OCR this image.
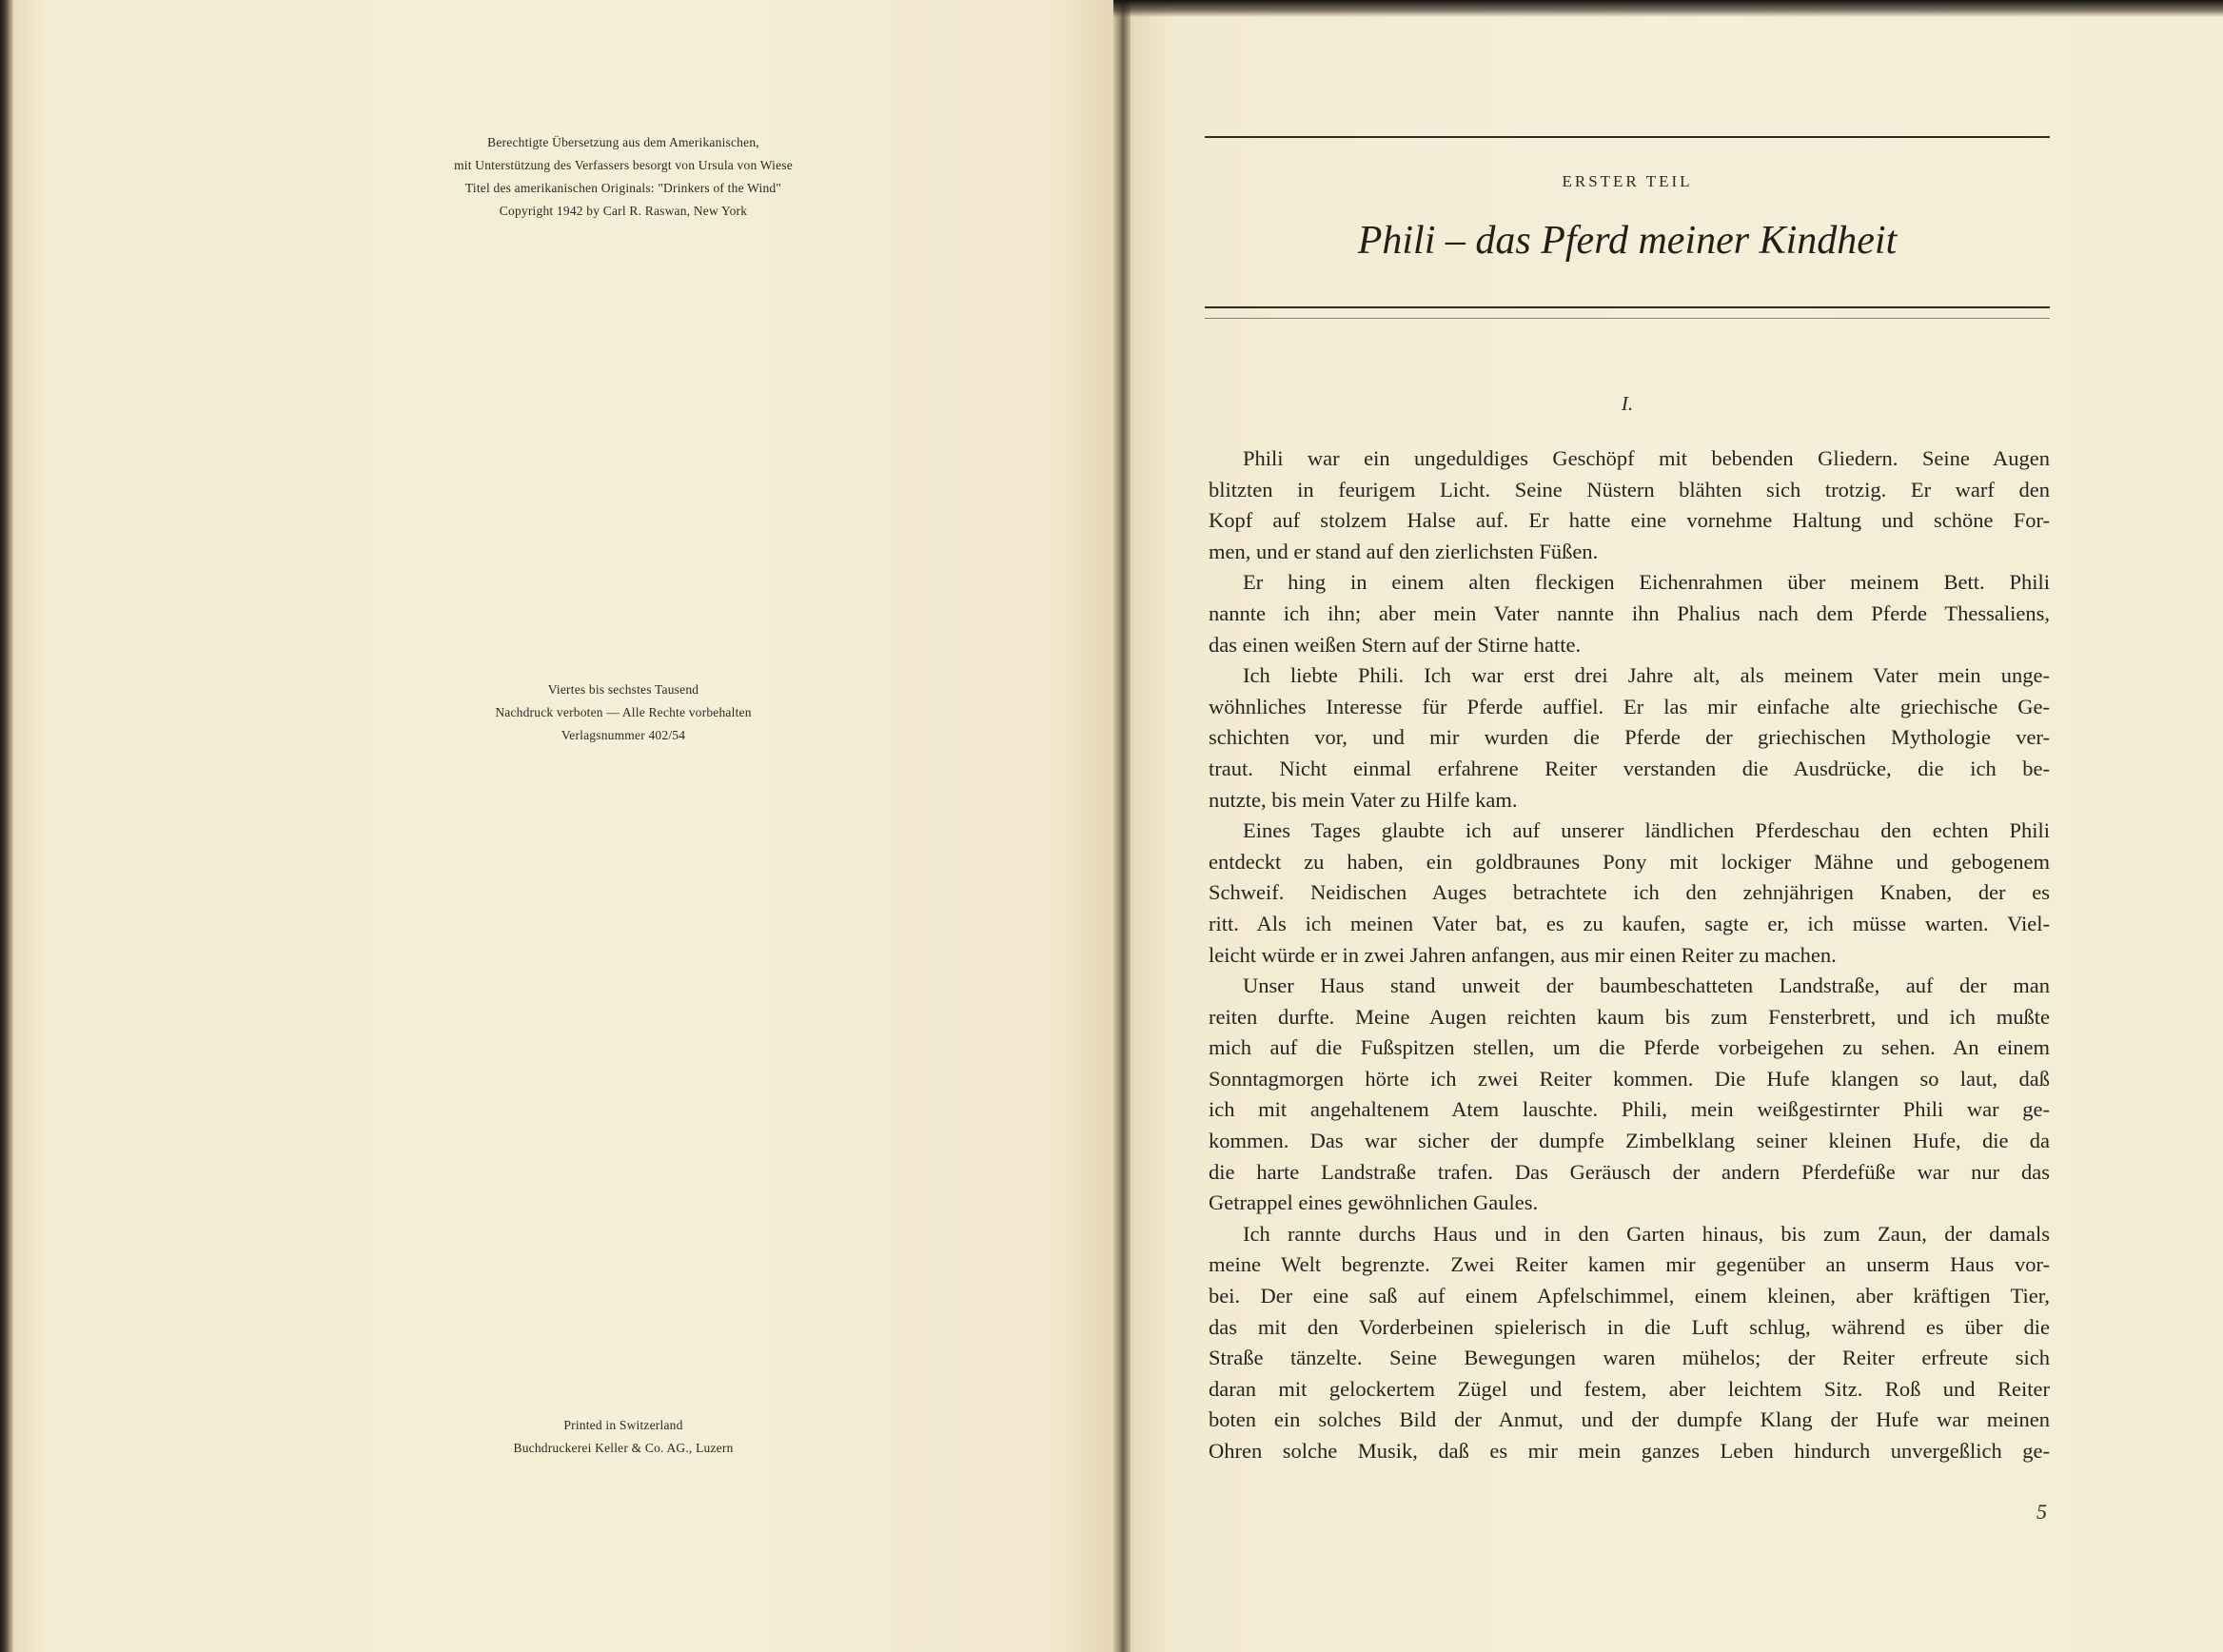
Berechtigte Übersetzung aus dem Amerikanischen,
mit Unterstützung des Verfassers besorgt von Ursula von Wiese
Titel des amerikanischen Originals: "Drinkers of the Wind"
Copyright 1942 by Carl R. Raswan, New York
Viertes bis sechstes Tausend
Nachdruck verboten — Alle Rechte vorbehalten
Verlagsnummer 402/54
Printed in Switzerland
Buchdruckerei Keller & Co. AG., Luzern
ERSTER TEIL
Phili – das Pferd meiner Kindheit
I.
Phili war ein ungeduldiges Geschöpf mit bebenden Gliedern. Seine Augen
blitzten in feurigem Licht. Seine Nüstern blähten sich trotzig. Er warf den
Kopf auf stolzem Halse auf. Er hatte eine vornehme Haltung und schöne For-
men, und er stand auf den zierlichsten Füßen.
Er hing in einem alten fleckigen Eichenrahmen über meinem Bett. Phili
nannte ich ihn; aber mein Vater nannte ihn Phalius nach dem Pferde Thessaliens,
das einen weißen Stern auf der Stirne hatte.
Ich liebte Phili. Ich war erst drei Jahre alt, als meinem Vater mein unge-
wöhnliches Interesse für Pferde auffiel. Er las mir einfache alte griechische Ge-
schichten vor, und mir wurden die Pferde der griechischen Mythologie ver-
traut. Nicht einmal erfahrene Reiter verstanden die Ausdrücke, die ich be-
nutzte, bis mein Vater zu Hilfe kam.
Eines Tages glaubte ich auf unserer ländlichen Pferdeschau den echten Phili
entdeckt zu haben, ein goldbraunes Pony mit lockiger Mähne und gebogenem
Schweif. Neidischen Auges betrachtete ich den zehnjährigen Knaben, der es
ritt. Als ich meinen Vater bat, es zu kaufen, sagte er, ich müsse warten. Viel-
leicht würde er in zwei Jahren anfangen, aus mir einen Reiter zu machen.
Unser Haus stand unweit der baumbeschatteten Landstraße, auf der man
reiten durfte. Meine Augen reichten kaum bis zum Fensterbrett, und ich mußte
mich auf die Fußspitzen stellen, um die Pferde vorbeigehen zu sehen. An einem
Sonntagmorgen hörte ich zwei Reiter kommen. Die Hufe klangen so laut, daß
ich mit angehaltenem Atem lauschte. Phili, mein weißgestirnter Phili war ge-
kommen. Das war sicher der dumpfe Zimbelklang seiner kleinen Hufe, die da
die harte Landstraße trafen. Das Geräusch der andern Pferdefüße war nur das
Getrappel eines gewöhnlichen Gaules.
Ich rannte durchs Haus und in den Garten hinaus, bis zum Zaun, der damals
meine Welt begrenzte. Zwei Reiter kamen mir gegenüber an unserm Haus vor-
bei. Der eine saß auf einem Apfelschimmel, einem kleinen, aber kräftigen Tier,
das mit den Vorderbeinen spielerisch in die Luft schlug, während es über die
Straße tänzelte. Seine Bewegungen waren mühelos; der Reiter erfreute sich
daran mit gelockertem Zügel und festem, aber leichtem Sitz. Roß und Reiter
boten ein solches Bild der Anmut, und der dumpfe Klang der Hufe war meinen
Ohren solche Musik, daß es mir mein ganzes Leben hindurch unvergeßlich ge-
5
